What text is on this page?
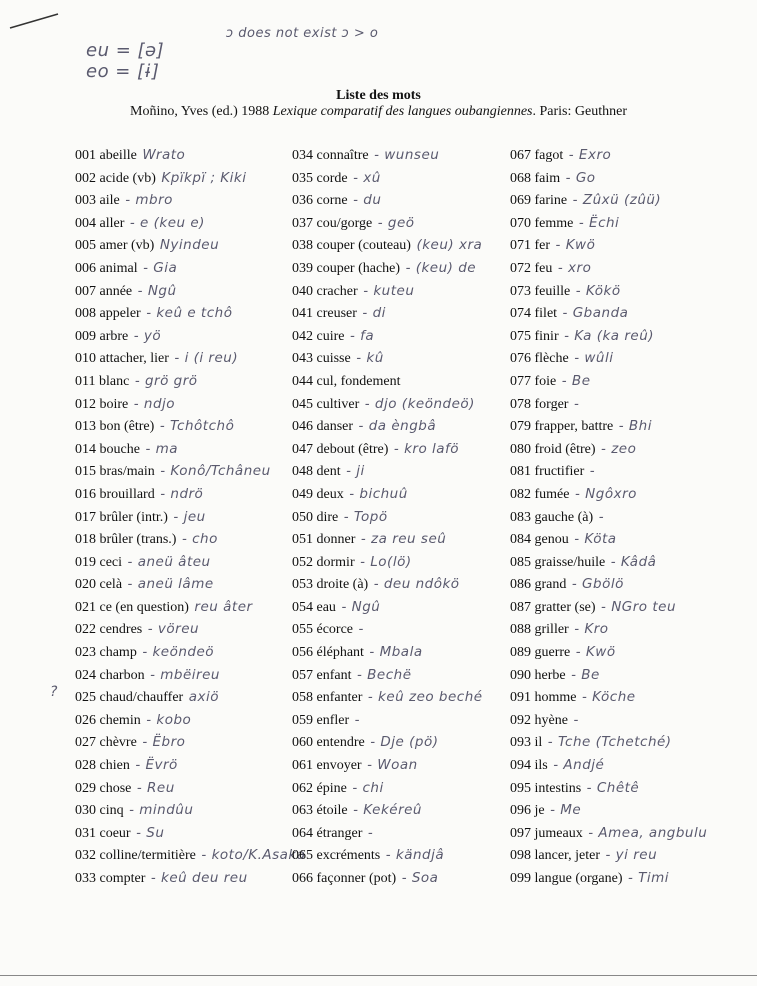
ɔ does not exist ɔ > o
eu = [ə]
eo = [ɨ]
Liste des mots
Moñino, Yves (ed.) 1988 Lexique comparatif des langues oubangiennes. Paris: Geuthner
001 abeille Wrato
002 acide (vb) Kpïkpï ; Kiki
003 aile - mbro
004 aller - e (keu e)
005 amer (vb) Nyindeu
006 animal - Gia
007 année - Ngû
008 appeler - keû e tchô
009 arbre - yö
010 attacher, lier - i (i reu)
011 blanc - grö grö
012 boire - ndjo
013 bon (être) - Tchôtchô
014 bouche - ma
015 bras/main - Konô/Tchâneu
016 brouillard - ndrö
017 brûler (intr.) - jeu
018 brûler (trans.) - cho
019 ceci - aneü âteu
020 celà - aneü lâme
021 ce (en question) reu âter
022 cendres - vöreu
023 champ - keöndeö
024 charbon - mbëireu
025 chaud/chauffer axiö
026 chemin - kobo
027 chèvre - Ëbro
028 chien - Ëvrö
029 chose - Reu
030 cinq - mindûu
031 coeur - Su
032 colline/termitière - koto/K.Asaka
033 compter - keû deu reu
034 connaître - wunseu
035 corde - xû
036 corne - du
037 cou/gorge - geö
038 couper (couteau) (keu) xra
039 couper (hache) - (keu) de
040 cracher - kuteu
041 creuser - di
042 cuire - fa
043 cuisse - kû
044 cul, fondement
045 cultiver - djo (keöndeö)
046 danser - da èngbâ
047 debout (être) - kro lafö
048 dent - ji
049 deux - bichuû
050 dire - Topö
051 donner - za reu seû
052 dormir - Lo(lö)
053 droite (à) - deu ndôkö
054 eau - Ngû
055 écorce -
056 éléphant - Mbala
057 enfant - Bechë
058 enfanter - keû zeo beché
059 enfler -
060 entendre - Dje (pö)
061 envoyer - Woan
062 épine - chi
063 étoile - Kekéreû
064 étranger -
065 excréments - kändjâ
066 façonner (pot) - Soa
067 fagot - Exro
068 faim - Go
069 farine - Zûxü (zûü)
070 femme - Ëchi
071 fer - Kwö
072 feu - xro
073 feuille - Kökö
074 filet - Gbanda
075 finir - Ka (ka reû)
076 flèche - wûli
077 foie - Be
078 forger -
079 frapper, battre - Bhi
080 froid (être) - zeo
081 fructifier -
082 fumée - Ngôxro
083 gauche (à) -
084 genou - Köta
085 graisse/huile - Kâdâ
086 grand - Gbölö
087 gratter (se) - NGro teu
088 griller - Kro
089 guerre - Kwö
090 herbe - Be
091 homme - Köche
092 hyène -
093 il - Tche (Tchetché)
094 ils - Andjé
095 intestins - Chêtê
096 je - Me
097 jumeaux - Amea, angbulu
098 lancer, jeter - yi reu
099 langue (organe) - Timi
?
